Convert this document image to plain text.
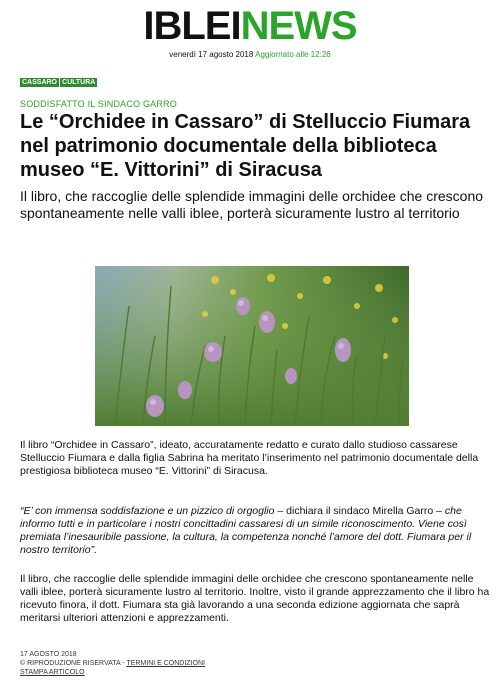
IBLEINEWS
venerdì 17 agosto 2018 Aggiornato alle 12:26
CASSARO CULTURA
SODDISFATTO IL SINDACO GARRO
Le “Orchidee in Cassaro” di Stelluccio Fiumara nel patrimonio documentale della biblioteca museo “E. Vittorini” di Siracusa

Il libro, che raccoglie delle splendide immagini delle orchidee che crescono spontaneamente nelle valli iblee, porterà sicuramente lustro al territorio

Il libro “Orchidee in Cassaro”, ideato, accuratamente redatto e curato dallo studioso cassarese Stelluccio Fiumara e dalla figlia Sabrina ha meritato l’inserimento nel patrimonio documentale della prestigiosa biblioteca museo “E. Vittorini” di Siracusa.

“E’ con immensa soddisfazione e un pizzico di orgoglio – dichiara il sindaco Mirella Garro – che informo tutti e in particolare i nostri concittadini cassaresi di un simile riconoscimento. Viene così premiata l’inesauribile passione, la cultura, la competenza nonché l’amore del dott. Fiumara per il nostro territorio”.

Il libro, che raccoglie delle splendide immagini delle orchidee che crescono spontaneamente nelle valli iblee, porterà sicuramente lustro al territorio. Inoltre, visto il grande apprezzamento che il libro ha ricevuto finora, il dott. Fiumara sta già lavorando a una seconda edizione aggiornata che saprà meritarsi ulteriori attenzioni e apprezzamenti.

17 AGOSTO 2018
© RIPRODUZIONE RISERVATA - TERMINI E CONDIZIONI
STAMPA ARTICOLO
